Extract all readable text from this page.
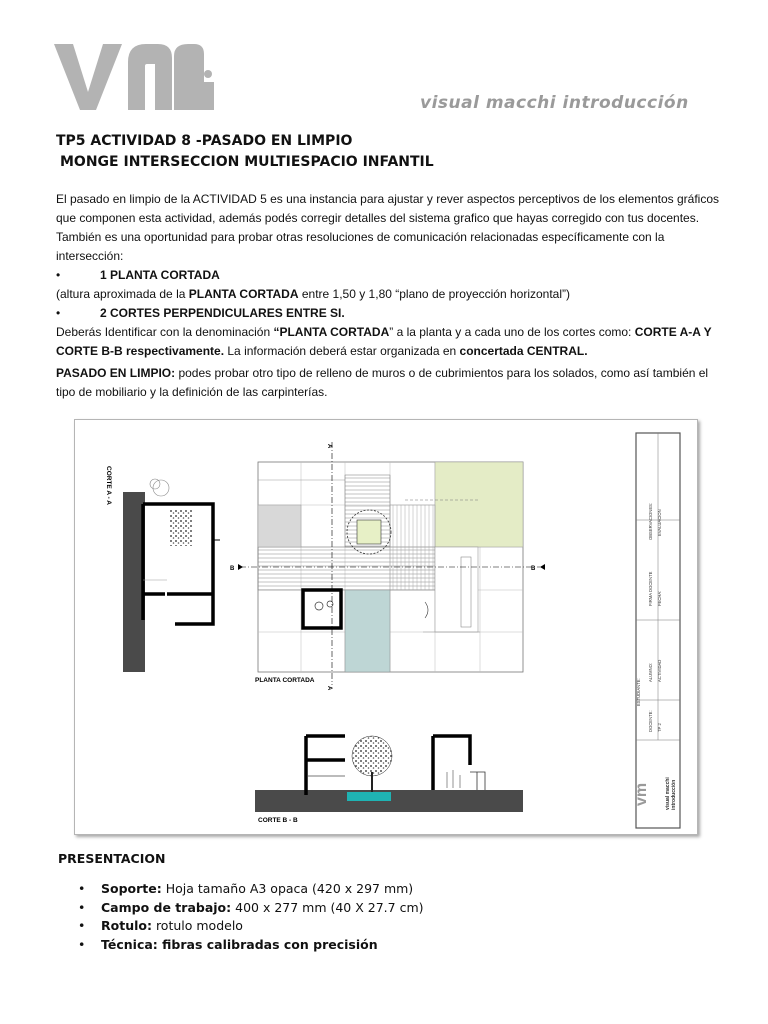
visual macchi introducción
TP5 ACTIVIDAD 8 -PASADO EN LIMPIO
MONGE INTERSECCION MULTIESPACIO INFANTIL

El pasado en limpio de la ACTIVIDAD 5 es una instancia para ajustar y rever aspectos perceptivos de los elementos gráficos que componen esta actividad, además podés corregir detalles del sistema grafico que hayas corregido con tus docentes. También es una oportunidad para probar otras resoluciones de comunicación relacionadas específicamente con la intersección:

•	1 PLANTA CORTADA

(altura aproximada de la PLANTA CORTADA entre 1,50 y 1,80 “plano de proyección horizontal”)

•	2 CORTES PERPENDICULARES ENTRE SI.

Deberás Identificar con la denominación “PLANTA CORTADA” a la planta y a cada uno de los cortes como: CORTE A-A Y CORTE B-B respectivamente. La información deberá estar organizada en concertada CENTRAL.

PASADO EN LIMPIO: podes probar otro tipo de relleno de muros o de cubrimientos para los solados, como así también el tipo de mobiliario y la definición de las carpinterías.

CORTE A - A
A
A
B	B
PLANTA CORTADA
CORTE B - B
ESTUDIANTE:
DOCENTE: TP 2
ALUMNO: ACTIVIDAD
FIRMA DOCENTE FECHA:
OBSERVACIONES: EVALUACION
vm	visual macchi introducción
PRESENTACION
•	Soporte: Hoja tamaño A3 opaca (420 x 297 mm)
•	Campo de trabajo: 400 x 277 mm (40 X 27.7 cm)
•	Rotulo: rotulo modelo
•	Técnica: fibras calibradas con precisión
